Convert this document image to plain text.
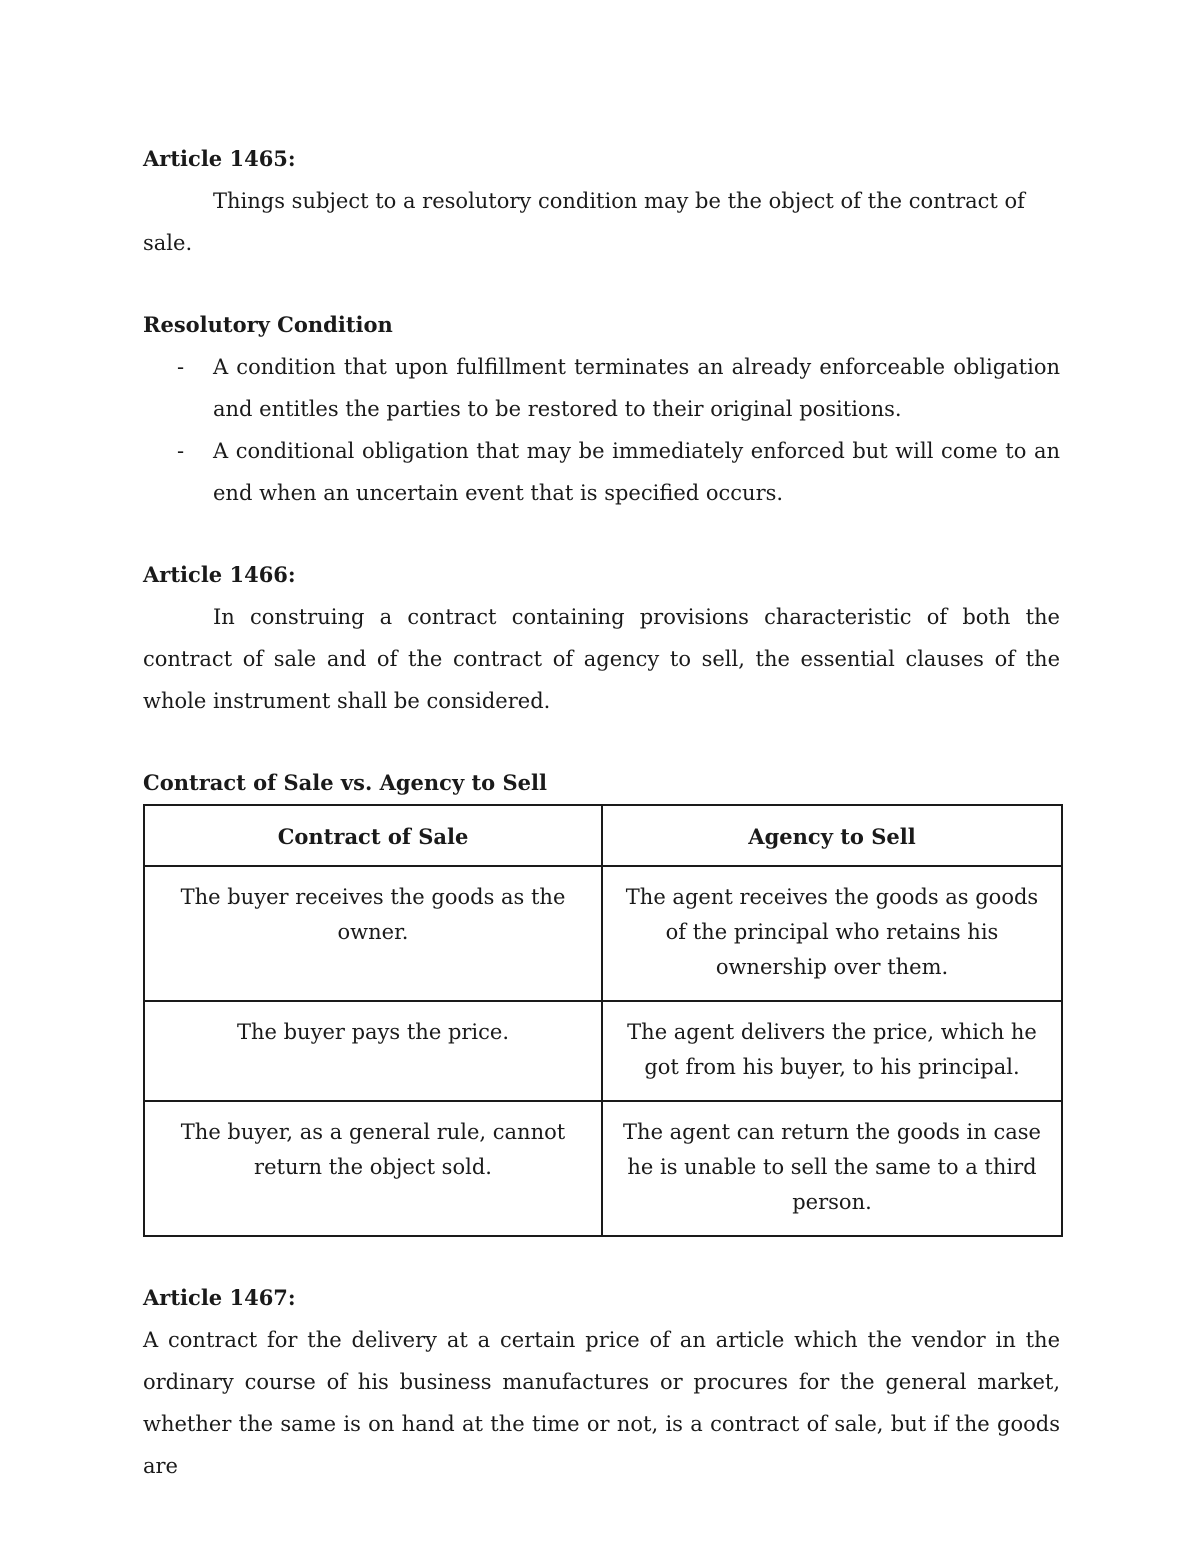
Article 1465:

Things subject to a resolutory condition may be the object of the contract of sale.

Resolutory Condition

- A condition that upon fulfillment terminates an already enforceable obligation and entitles the parties to be restored to their original positions.
- A conditional obligation that may be immediately enforced but will come to an end when an uncertain event that is specified occurs.

Article 1466:

In construing a contract containing provisions characteristic of both the contract of sale and of the contract of agency to sell, the essential clauses of the whole instrument shall be considered.

Contract of Sale vs. Agency to Sell

Contract of Sale	Agency to Sell
The buyer receives the goods as the owner.	The agent receives the goods as goods of the principal who retains his ownership over them.
The buyer pays the price.	The agent delivers the price, which he got from his buyer, to his principal.
The buyer, as a general rule, cannot return the object sold.	The agent can return the goods in case he is unable to sell the same to a third person.

Article 1467:

A contract for the delivery at a certain price of an article which the vendor in the ordinary course of his business manufactures or procures for the general market, whether the same is on hand at the time or not, is a contract of sale, but if the goods are
